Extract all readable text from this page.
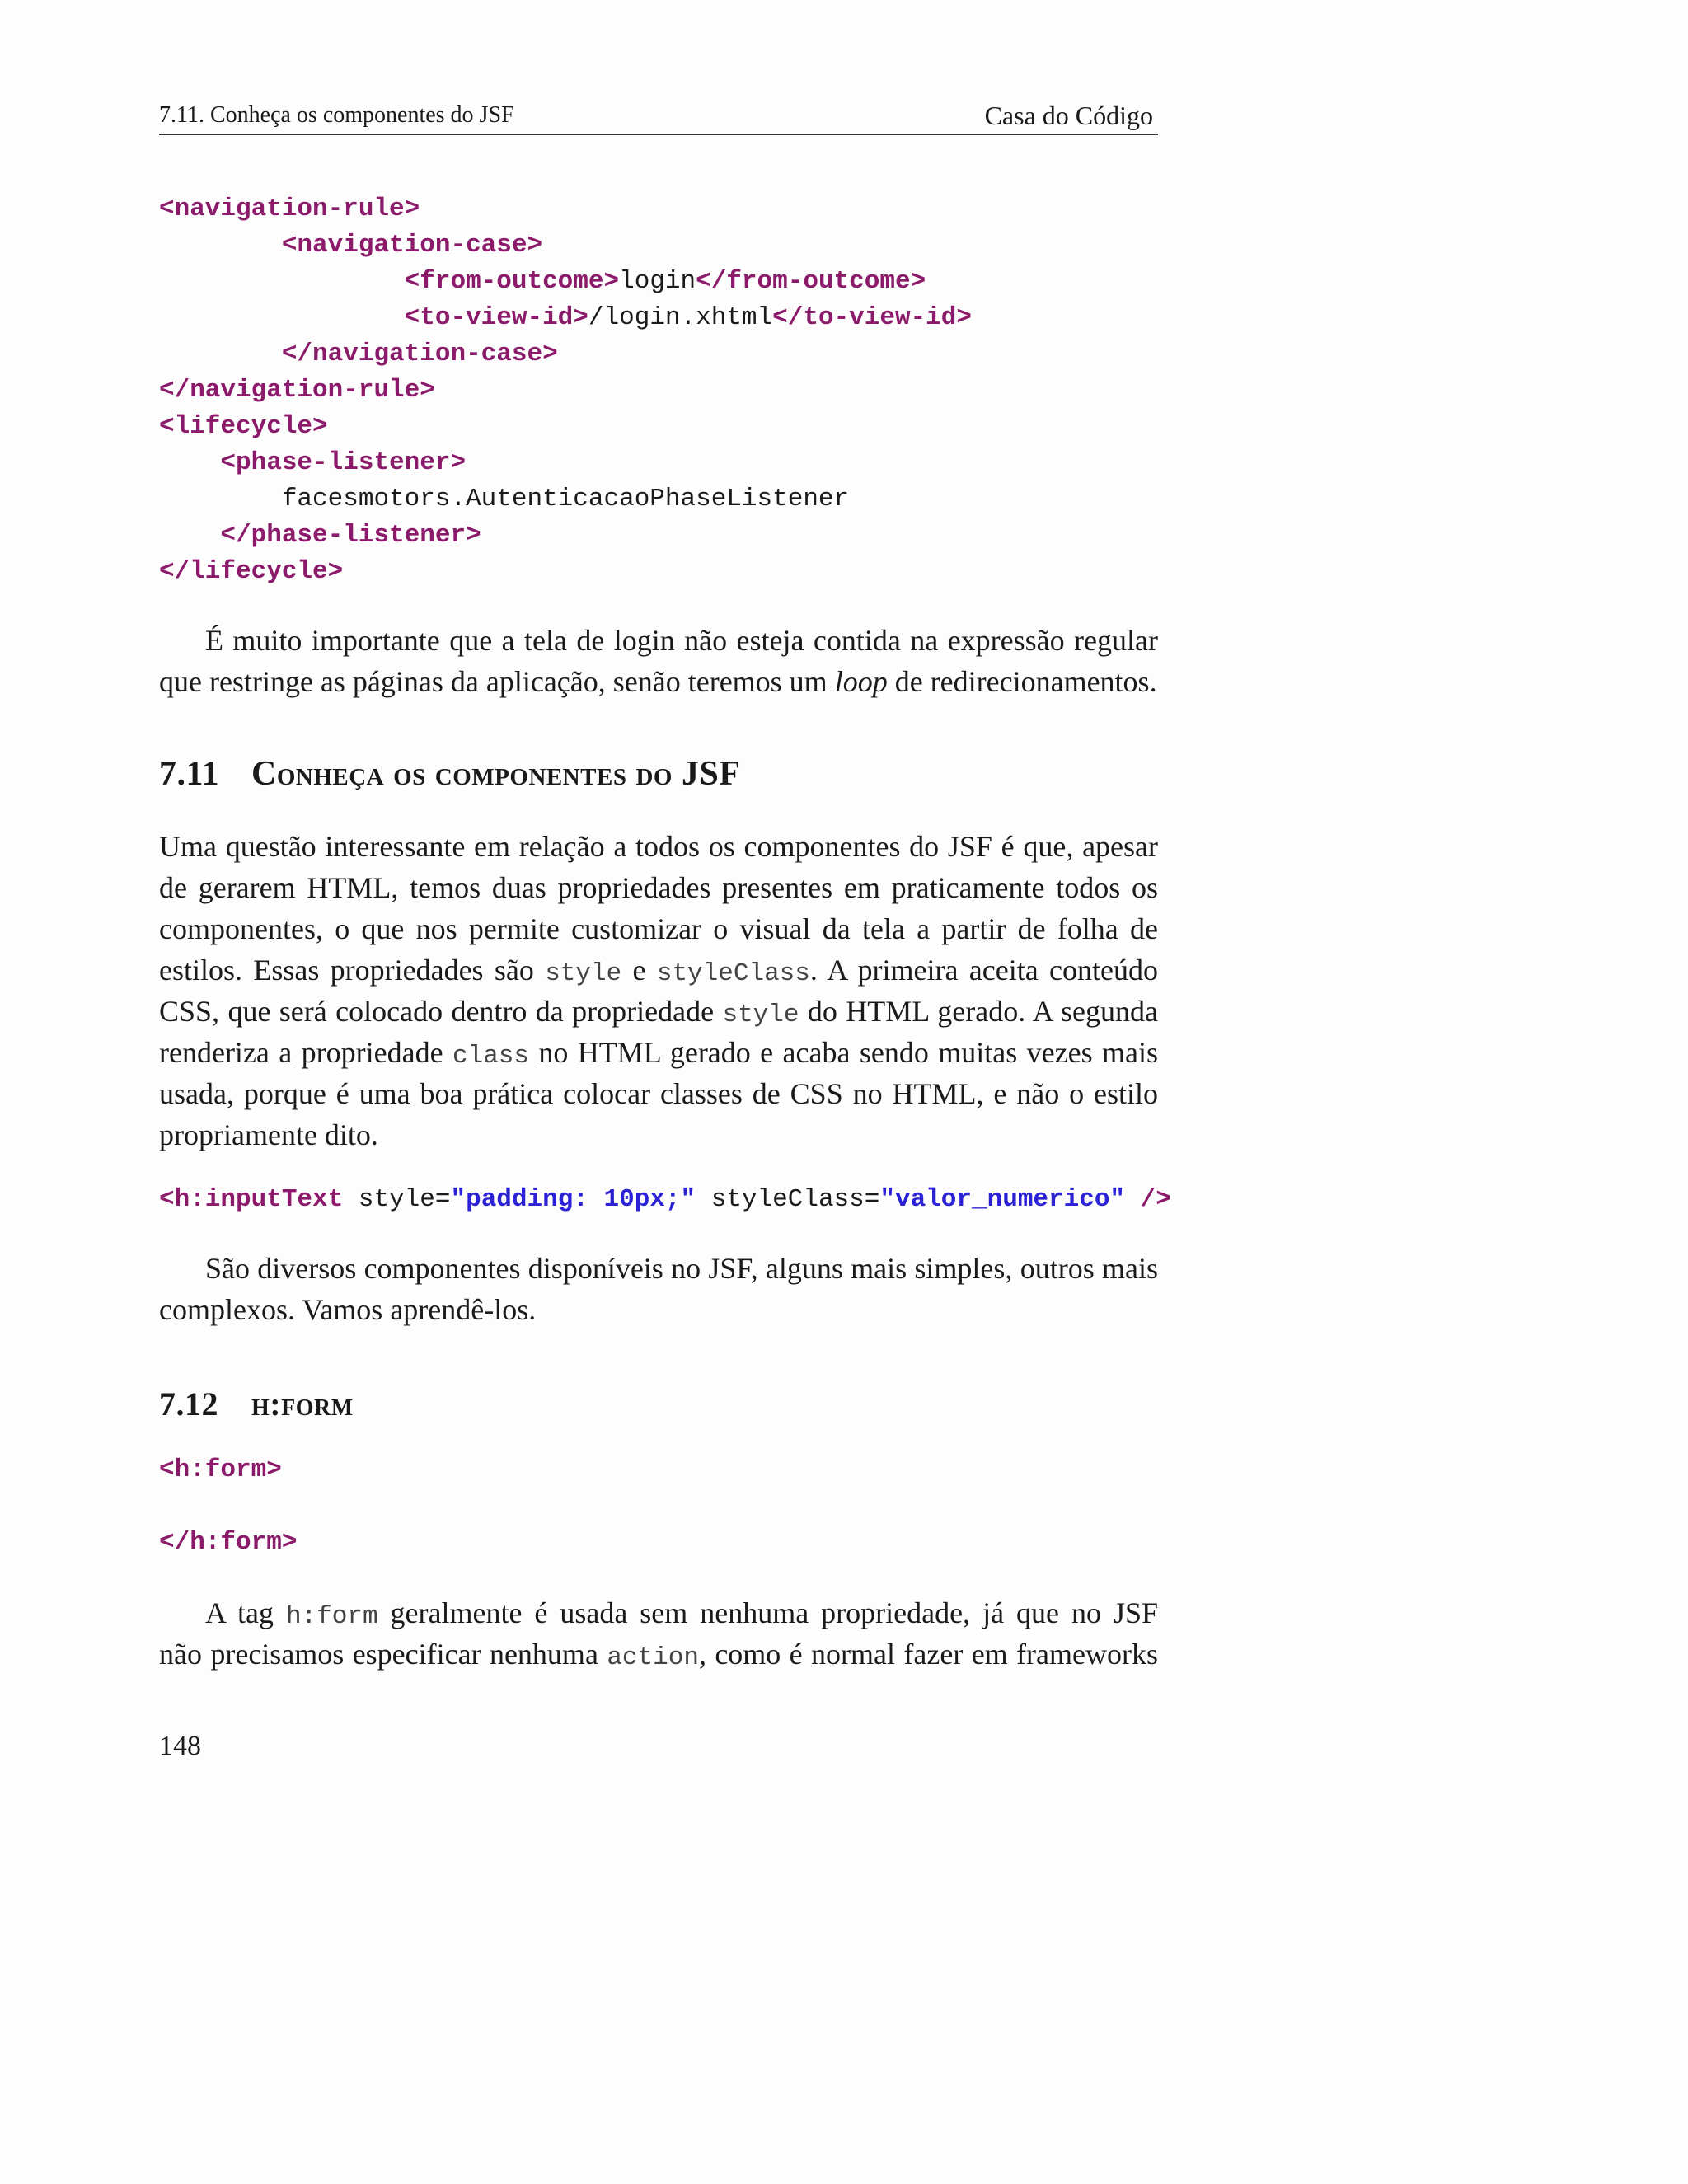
7.11. Conheça os componentes do JSF	Casa do Código
<navigation-rule>
<navigation-case>
<from-outcome>login</from-outcome>
<to-view-id>/login.xhtml</to-view-id>
</navigation-case>
</navigation-rule>
<lifecycle>
<phase-listener>
facesmotors.AutenticacaoPhaseListener
</phase-listener>
</lifecycle>
É muito importante que a tela de login não esteja contida na expressão regular
que restringe as páginas da aplicação, senão teremos um loop de redirecionamentos.
7.11 Conheça os componentes do JSF
Uma questão interessante em relação a todos os componentes do JSF é que, apesar
de gerarem HTML, temos duas propriedades presentes em praticamente todos os
componentes, o que nos permite customizar o visual da tela a partir de folha de
estilos. Essas propriedades são style e styleClass. A primeira aceita conteúdo
CSS, que será colocado dentro da propriedade style do HTML gerado. A segunda
renderiza a propriedade class no HTML gerado e acaba sendo muitas vezes mais
usada, porque é uma boa prática colocar classes de CSS no HTML, e não o estilo
propriamente dito.
<h:inputText style="padding: 10px;" styleClass="valor_numerico" />
São diversos componentes disponíveis no JSF, alguns mais simples, outros mais
complexos. Vamos aprendê-los.
7.12 h:form
<h:form>
</h:form>
A tag h:form geralmente é usada sem nenhuma propriedade, já que no JSF
não precisamos especificar nenhuma action, como é normal fazer em frameworks
148
